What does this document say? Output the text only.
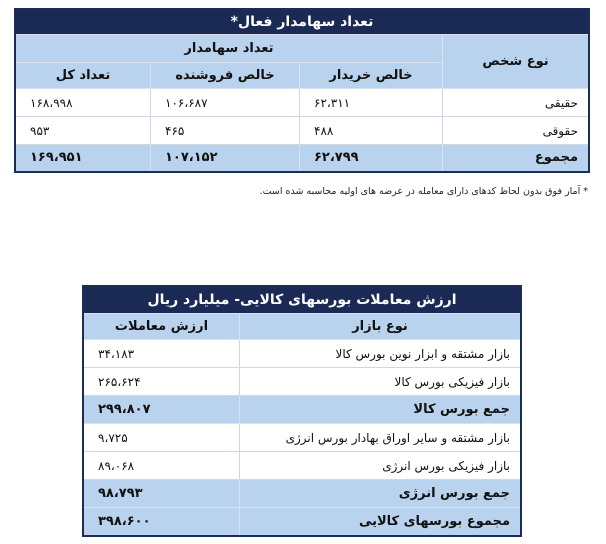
تعداد سهامدار فعال*			
نوع شخص	تعداد سهامدار		
	خالص خریدار	خالص فروشنده	تعداد کل
حقیقی	۶۲،۳۱۱	۱۰۶،۶۸۷	۱۶۸،۹۹۸
حقوقی	۴۸۸	۴۶۵	۹۵۳
مجموع	۶۲،۷۹۹	۱۰۷،۱۵۲	۱۶۹،۹۵۱
* آمار فوق بدون لحاظ کدهای دارای معامله در عرضه های اولیه محاسبه شده است.
ارزش معاملات بورسهای کالایی- میلیارد ریال	
نوع بازار	ارزش معاملات
بازار مشتقه و ابزار نوین بورس کالا	۳۴،۱۸۳
بازار فیزیکی بورس کالا	۲۶۵،۶۲۴
جمع بورس کالا	۲۹۹،۸۰۷
بازار مشتقه و سایر اوراق بهادار بورس انرژی	۹،۷۲۵
بازار فیزیکی بورس انرژی	۸۹،۰۶۸
جمع بورس انرژی	۹۸،۷۹۳
مجموع بورسهای کالایی	۳۹۸،۶۰۰
